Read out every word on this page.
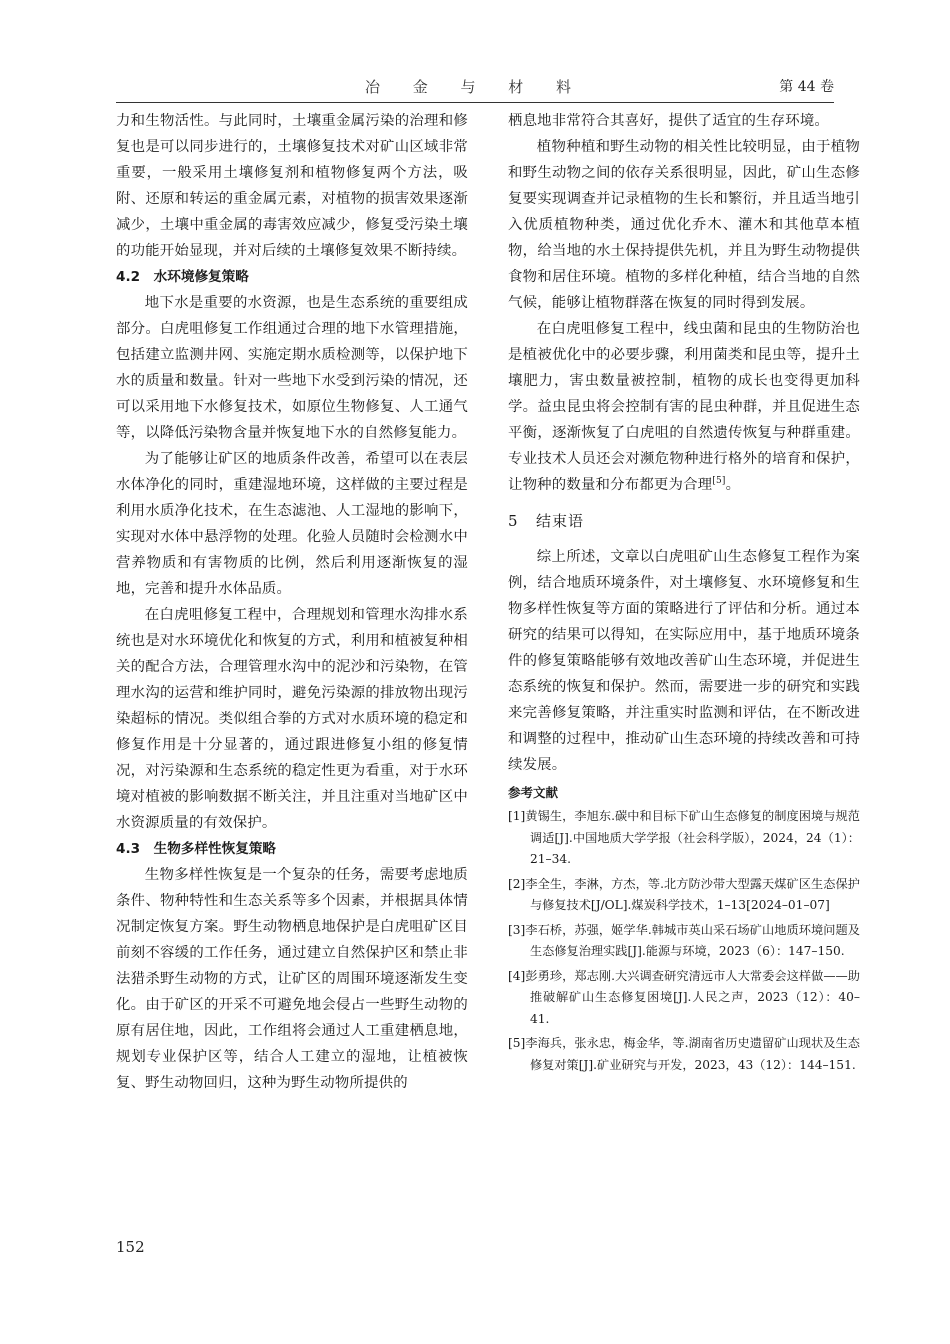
冶 金 与 材 料	第 44 卷

力和生物活性。与此同时，土壤重金属污染的治理和修复也是可以同步进行的，土壤修复技术对矿山区域非常重要，一般采用土壤修复剂和植物修复两个方法，吸附、还原和转运的重金属元素，对植物的损害效果逐渐减少，土壤中重金属的毒害效应减少，修复受污染土壤的功能开始显现，并对后续的土壤修复效果不断持续。

4.2　水环境修复策略

地下水是重要的水资源，也是生态系统的重要组成部分。白虎咀修复工作组通过合理的地下水管理措施，包括建立监测井网、实施定期水质检测等，以保护地下水的质量和数量。针对一些地下水受到污染的情况，还可以采用地下水修复技术，如原位生物修复、人工通气等，以降低污染物含量并恢复地下水的自然修复能力。

为了能够让矿区的地质条件改善，希望可以在表层水体净化的同时，重建湿地环境，这样做的主要过程是利用水质净化技术，在生态滤池、人工湿地的影响下，实现对水体中悬浮物的处理。化验人员随时会检测水中营养物质和有害物质的比例，然后利用逐渐恢复的湿地，完善和提升水体品质。

在白虎咀修复工程中，合理规划和管理水沟排水系统也是对水环境优化和恢复的方式，利用和植被复种相关的配合方法，合理管理水沟中的泥沙和污染物，在管理水沟的运营和维护同时，避免污染源的排放物出现污染超标的情况。类似组合拳的方式对水质环境的稳定和修复作用是十分显著的，通过跟进修复小组的修复情况，对污染源和生态系统的稳定性更为看重，对于水环境对植被的影响数据不断关注，并且注重对当地矿区中水资源质量的有效保护。

4.3　生物多样性恢复策略

生物多样性恢复是一个复杂的任务，需要考虑地质条件、物种特性和生态关系等多个因素，并根据具体情况制定恢复方案。野生动物栖息地保护是白虎咀矿区目前刻不容缓的工作任务，通过建立自然保护区和禁止非法猎杀野生动物的方式，让矿区的周围环境逐渐发生变化。由于矿区的开采不可避免地会侵占一些野生动物的原有居住地，因此，工作组将会通过人工重建栖息地，规划专业保护区等，结合人工建立的湿地，让植被恢复、野生动物回归，这种为野生动物所提供的

栖息地非常符合其喜好，提供了适宜的生存环境。

植物种植和野生动物的相关性比较明显，由于植物和野生动物之间的依存关系很明显，因此，矿山生态修复要实现调查并记录植物的生长和繁衍，并且适当地引入优质植物种类，通过优化乔木、灌木和其他草本植物，给当地的水土保持提供先机，并且为野生动物提供食物和居住环境。植物的多样化种植，结合当地的自然气候，能够让植物群落在恢复的同时得到发展。

在白虎咀修复工程中，线虫菌和昆虫的生物防治也是植被优化中的必要步骤，利用菌类和昆虫等，提升土壤肥力，害虫数量被控制，植物的成长也变得更加科学。益虫昆虫将会控制有害的昆虫种群，并且促进生态平衡，逐渐恢复了白虎咀的自然遗传恢复与种群重建。专业技术人员还会对濒危物种进行格外的培育和保护，让物种的数量和分布都更为合理[5]。

5 结束语

综上所述，文章以白虎咀矿山生态修复工程作为案例，结合地质环境条件，对土壤修复、水环境修复和生物多样性恢复等方面的策略进行了评估和分析。通过本研究的结果可以得知，在实际应用中，基于地质环境条件的修复策略能够有效地改善矿山生态环境，并促进生态系统的恢复和保护。然而，需要进一步的研究和实践来完善修复策略，并注重实时监测和评估，在不断改进和调整的过程中，推动矿山生态环境的持续改善和可持续发展。

参考文献

[1]黄锡生，李旭东.碳中和目标下矿山生态修复的制度困境与规范调适[J].中国地质大学学报（社会科学版），2024，24（1）：21–34.

[2]李全生，李淋，方杰，等.北方防沙带大型露天煤矿区生态保护与修复技术[J/OL].煤炭科学技术，1–13[2024–01–07]

[3]李石桥，苏强，姬学华.韩城市英山采石场矿山地质环境问题及生态修复治理实践[J].能源与环境，2023（6）：147–150.

[4]彭勇珍，郑志刚.大兴调查研究清远市人大常委会这样做——助推破解矿山生态修复困境[J].人民之声，2023（12）：40–41.

[5]李海兵，张永忠，梅金华，等.湖南省历史遗留矿山现状及生态修复对策[J].矿业研究与开发，2023，43（12）：144–151.

152
